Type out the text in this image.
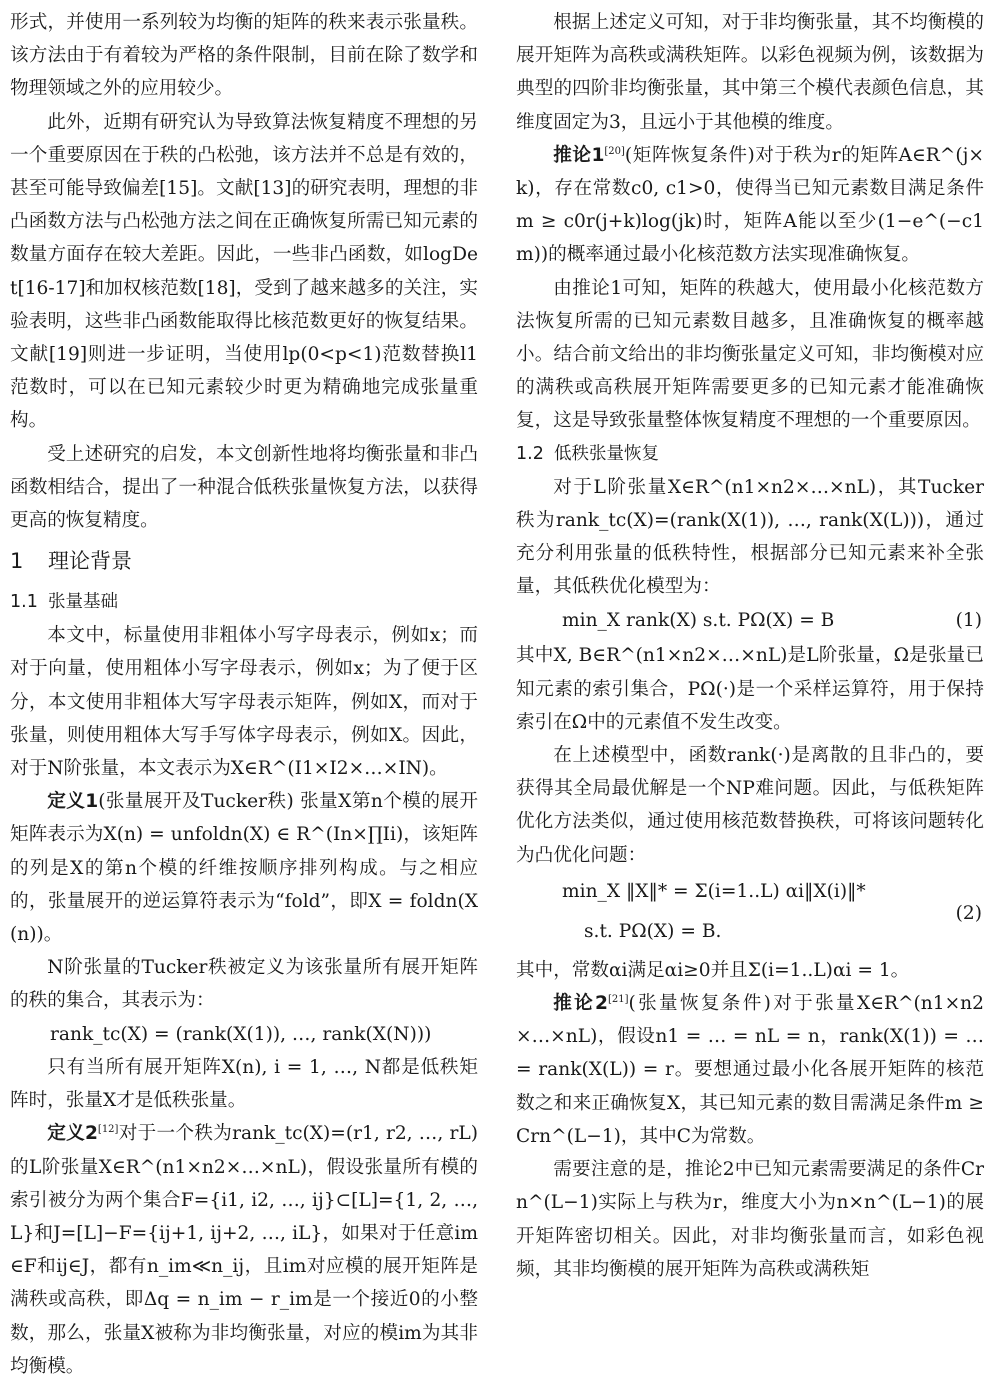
形式，并使用一系列较为均衡的矩阵的秩来表示张量秩。该方法由于有着较为严格的条件限制，目前在除了数学和物理领域之外的应用较少。

此外，近期有研究认为导致算法恢复精度不理想的另一个重要原因在于秩的凸松弛，该方法并不总是有效的，甚至可能导致偏差[15]。文献[13]的研究表明，理想的非凸函数方法与凸松弛方法之间在正确恢复所需已知元素的数量方面存在较大差距。因此，一些非凸函数，如logDet[16-17]和加权核范数[18]，受到了越来越多的关注，实验表明，这些非凸函数能取得比核范数更好的恢复结果。文献[19]则进一步证明，当使用lp(0<p<1)范数替换l1范数时，可以在已知元素较少时更为精确地完成张量重构。

受上述研究的启发，本文创新性地将均衡张量和非凸函数相结合，提出了一种混合低秩张量恢复方法，以获得更高的恢复精度。

1 理论背景
1.1 张量基础

本文中，标量使用非粗体小写字母表示，例如x；而对于向量，使用粗体小写字母表示，例如x；为了便于区分，本文使用非粗体大写字母表示矩阵，例如X，而对于张量，则使用粗体大写手写体字母表示，例如X。因此，对于N阶张量，本文表示为X∈R^(I1×I2×…×IN)。

定义1(张量展开及Tucker秩) 张量X第n个模的展开矩阵表示为X(n) = unfoldn(X) ∈ R^(In×∏Ii)，该矩阵的列是X的第n个模的纤维按顺序排列构成。与之相应的，张量展开的逆运算符表示为“fold”，即X = foldn(X(n))。

N阶张量的Tucker秩被定义为该张量所有展开矩阵的秩的集合，其表示为：

rank_tc(X) = (rank(X(1)), …, rank(X(N)))

只有当所有展开矩阵X(n), i = 1, …, N都是低秩矩阵时，张量X才是低秩张量。

定义2[12]对于一个秩为rank_tc(X)=(r1, r2, …, rL)的L阶张量X∈R^(n1×n2×…×nL)，假设张量所有模的索引被分为两个集合F={i1, i2, …, ij}⊂[L]={1, 2, …, L}和J=[L]−F={ij+1, ij+2, …, iL}，如果对于任意im∈F和ij∈J，都有n_im≪n_ij，且im对应模的展开矩阵是满秩或高秩，即Δq = n_im − r_im是一个接近0的小整数，那么，张量X被称为非均衡张量，对应的模im为其非均衡模。

根据上述定义可知，对于非均衡张量，其不均衡模的展开矩阵为高秩或满秩矩阵。以彩色视频为例，该数据为典型的四阶非均衡张量，其中第三个模代表颜色信息，其维度固定为3，且远小于其他模的维度。

推论1[20](矩阵恢复条件)对于秩为r的矩阵A∈R^(j×k)，存在常数c0, c1>0，使得当已知元素数目满足条件m ≥ c0r(j+k)log(jk)时，矩阵A能以至少(1−e^(−c1m))的概率通过最小化核范数方法实现准确恢复。

由推论1可知，矩阵的秩越大，使用最小化核范数方法恢复所需的已知元素数目越多，且准确恢复的概率越小。结合前文给出的非均衡张量定义可知，非均衡模对应的满秩或高秩展开矩阵需要更多的已知元素才能准确恢复，这是导致张量整体恢复精度不理想的一个重要原因。

1.2 低秩张量恢复

对于L阶张量X∈R^(n1×n2×…×nL)，其Tucker秩为rank_tc(X)=(rank(X(1)), …, rank(X(L)))，通过充分利用张量的低秩特性，根据部分已知元素来补全张量，其低秩优化模型为：

min_X rank(X) s.t. PΩ(X) = B	(1)

其中X, B∈R^(n1×n2×…×nL)是L阶张量，Ω是张量已知元素的索引集合，PΩ(·)是一个采样运算符，用于保持索引在Ω中的元素值不发生改变。

在上述模型中，函数rank(·)是离散的且非凸的，要获得其全局最优解是一个NP难问题。因此，与低秩矩阵优化方法类似，通过使用核范数替换秩，可将该问题转化为凸优化问题：

min_X ‖X‖* = Σ(i=1..L) αi‖X(i)‖*
s.t. PΩ(X) = B.
(2)

其中，常数αi满足αi≥0并且Σ(i=1..L)αi = 1。

推论2[21](张量恢复条件)对于张量X∈R^(n1×n2×…×nL)，假设n1 = … = nL = n，rank(X(1)) = … = rank(X(L)) = r。要想通过最小化各展开矩阵的核范数之和来正确恢复X，其已知元素的数目需满足条件m ≥ Crn^(L−1)，其中C为常数。

需要注意的是，推论2中已知元素需要满足的条件Crn^(L−1)实际上与秩为r，维度大小为n×n^(L−1)的展开矩阵密切相关。因此，对非均衡张量而言，如彩色视频，其非均衡模的展开矩阵为高秩或满秩矩
